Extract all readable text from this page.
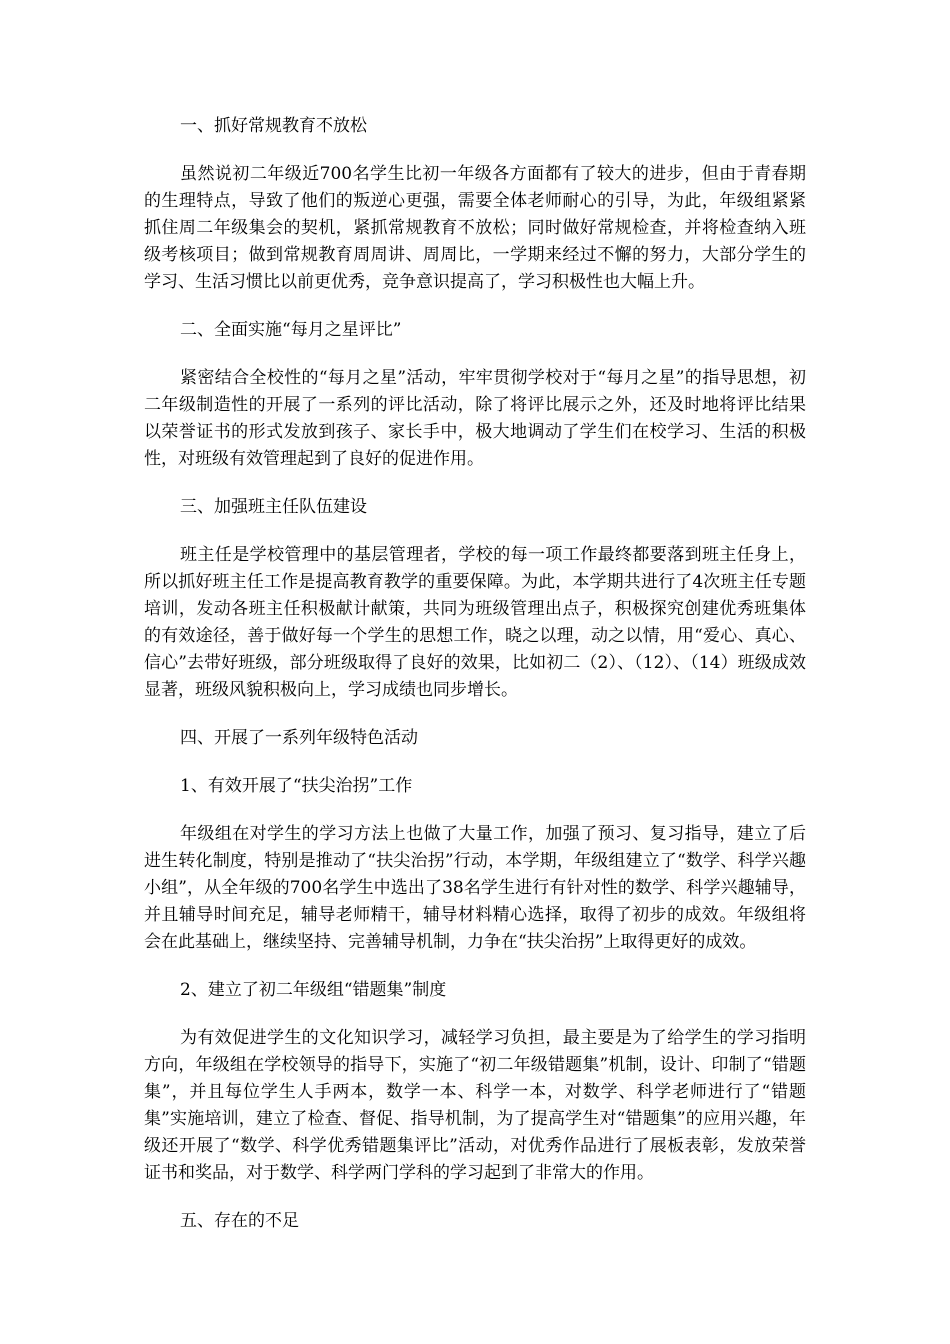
一、抓好常规教育不放松

虽然说初二年级近700名学生比初一年级各方面都有了较大的进步，但由于青春期的生理特点，导致了他们的叛逆心更强，需要全体老师耐心的引导，为此，年级组紧紧抓住周二年级集会的契机，紧抓常规教育不放松；同时做好常规检查，并将检查纳入班级考核项目；做到常规教育周周讲、周周比，一学期来经过不懈的努力，大部分学生的学习、生活习惯比以前更优秀，竞争意识提高了，学习积极性也大幅上升。

二、全面实施“每月之星评比”

紧密结合全校性的“每月之星”活动，牢牢贯彻学校对于“每月之星”的指导思想，初二年级制造性的开展了一系列的评比活动，除了将评比展示之外，还及时地将评比结果以荣誉证书的形式发放到孩子、家长手中，极大地调动了学生们在校学习、生活的积极性，对班级有效管理起到了良好的促进作用。

三、加强班主任队伍建设

班主任是学校管理中的基层管理者，学校的每一项工作最终都要落到班主任身上，所以抓好班主任工作是提高教育教学的重要保障。为此，本学期共进行了4次班主任专题培训，发动各班主任积极献计献策，共同为班级管理出点子，积极探究创建优秀班集体的有效途径，善于做好每一个学生的思想工作，晓之以理，动之以情，用“爱心、真心、信心”去带好班级，部分班级取得了良好的效果，比如初二（2）、（12）、（14）班级成效显著，班级风貌积极向上，学习成绩也同步增长。

四、开展了一系列年级特色活动

1、有效开展了“扶尖治拐”工作

年级组在对学生的学习方法上也做了大量工作，加强了预习、复习指导，建立了后进生转化制度，特别是推动了“扶尖治拐”行动，本学期，年级组建立了“数学、科学兴趣小组”，从全年级的700名学生中选出了38名学生进行有针对性的数学、科学兴趣辅导，并且辅导时间充足，辅导老师精干，辅导材料精心选择，取得了初步的成效。年级组将会在此基础上，继续坚持、完善辅导机制，力争在“扶尖治拐”上取得更好的成效。

2、建立了初二年级组“错题集”制度

为有效促进学生的文化知识学习，减轻学习负担，最主要是为了给学生的学习指明方向，年级组在学校领导的指导下，实施了“初二年级错题集”机制，设计、印制了“错题集”，并且每位学生人手两本，数学一本、科学一本，对数学、科学老师进行了“错题集”实施培训，建立了检查、督促、指导机制，为了提高学生对“错题集”的应用兴趣，年级还开展了“数学、科学优秀错题集评比”活动，对优秀作品进行了展板表彰，发放荣誉证书和奖品，对于数学、科学两门学科的学习起到了非常大的作用。

五、存在的不足
